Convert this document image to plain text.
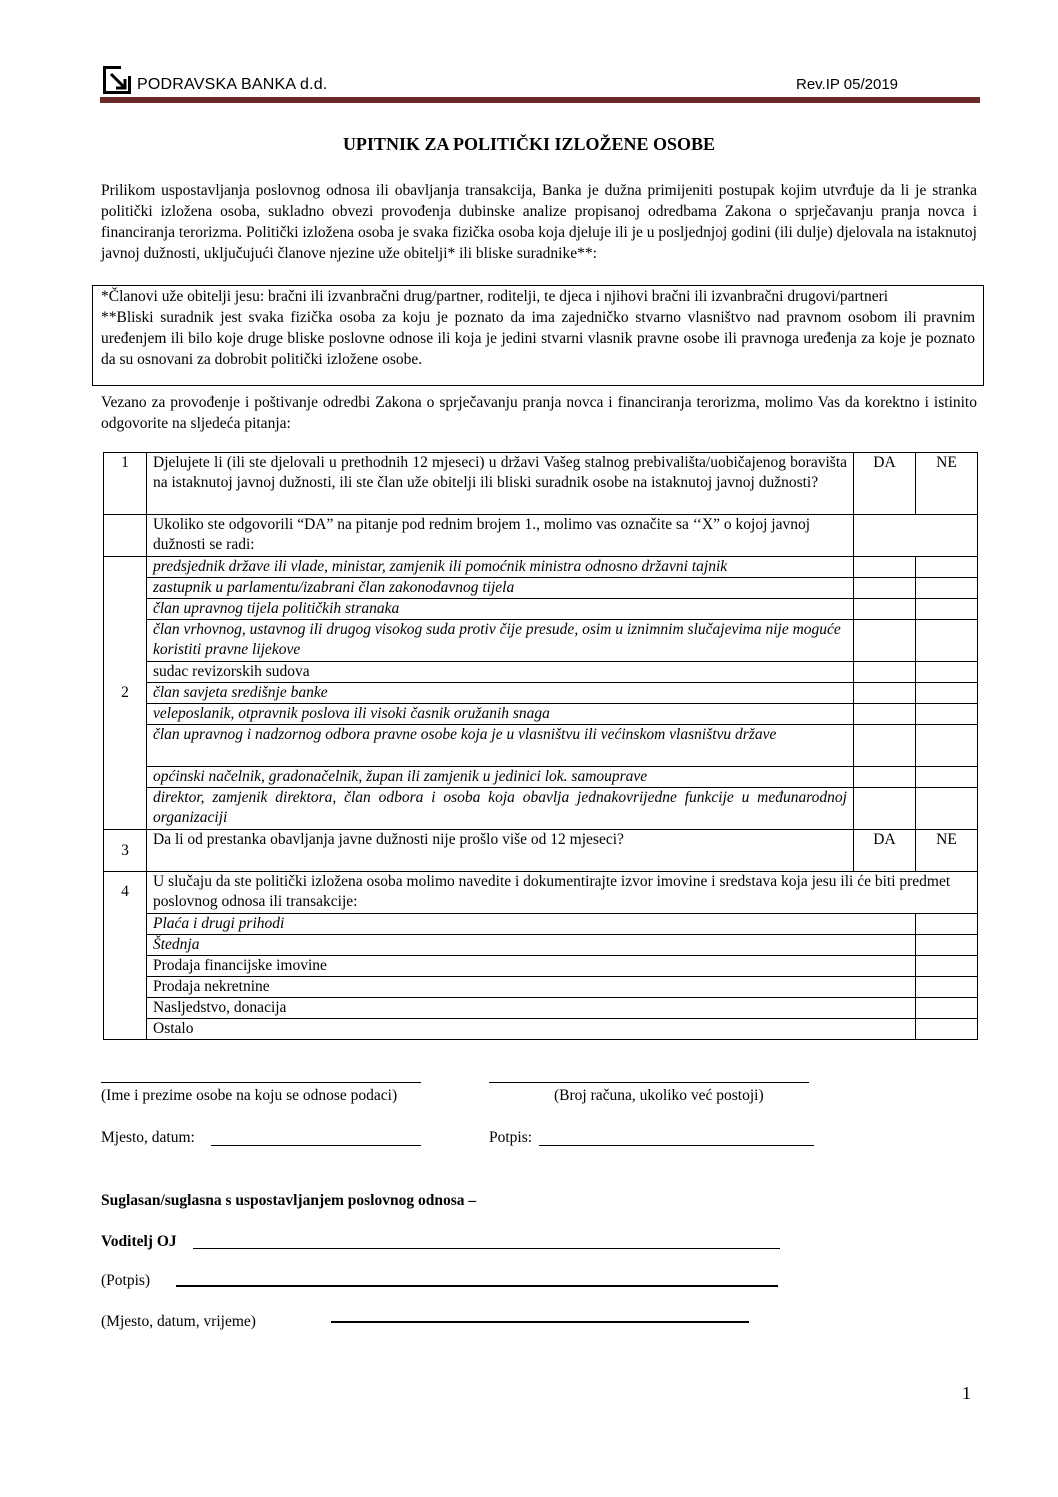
PODRAVSKA BANKA d.d.	Rev.IP 05/2019
UPITNIK ZA POLITIČKI IZLOŽENE OSOBE
Prilikom uspostavljanja poslovnog odnosa ili obavljanja transakcija, Banka je dužna primijeniti postupak kojim utvrđuje da li je stranka politički izložena osoba, sukladno obvezi provođenja dubinske analize propisanoj odredbama Zakona o sprječavanju pranja novca i financiranja terorizma. Politički izložena osoba je svaka fizička osoba koja djeluje ili je u posljednjoj godini (ili dulje) djelovala na istaknutoj javnoj dužnosti, uključujući članove njezine uže obitelji* ili bliske suradnike**:

*Članovi uže obitelji jesu: bračni ili izvanbračni drug/partner, roditelji, te djeca i njihovi bračni ili izvanbračni drugovi/partneri

**Bliski suradnik jest svaka fizička osoba za koju je poznato da ima zajedničko stvarno vlasništvo nad pravnom osobom ili pravnim uređenjem ili bilo koje druge bliske poslovne odnose ili koja je jedini stvarni vlasnik pravne osobe ili pravnoga uređenja za koje je poznato da su osnovani za dobrobit politički izložene osobe.

Vezano za provođenje i poštivanje odredbi Zakona o sprječavanju pranja novca i financiranja terorizma, molimo Vas da korektno i istinito odgovorite na sljedeća pitanja:
1	Djelujete li (ili ste djelovali u prethodnih 12 mjeseci) u državi Vašeg stalnog prebivališta/uobičajenog boravišta na istaknutoj javnoj dužnosti, ili ste član uže obitelji ili bliski suradnik osobe na istaknutoj javnoj dužnosti?	DA	NE
	Ukoliko ste odgovorili “DA” na pitanje pod rednim brojem 1., molimo vas označite sa ‘‘X” o kojoj javnoj dužnosti se radi:		
2	predsjednik države ili vlade, ministar, zamjenik ili pomoćnik ministra odnosno državni tajnik		
	zastupnik u parlamentu/izabrani član zakonodavnog tijela		
	član upravnog tijela političkih stranaka		
	član vrhovnog, ustavnog ili drugog visokog suda protiv čije presude, osim u iznimnim slučajevima nije moguće koristiti pravne lijekove		
	sudac revizorskih sudova		
	član savjeta središnje banke		
	veleposlanik, otpravnik poslova ili visoki časnik oružanih snaga		
	član upravnog i nadzornog odbora pravne osobe koja je u vlasništvu ili većinskom vlasništvu države		
	općinski načelnik, gradonačelnik, župan ili zamjenik u jedinici lok. samouprave		
	direktor, zamjenik direktora, član odbora i osoba koja obavlja jednakovrijedne funkcije u međunarodnoj organizaciji		
3	Da li od prestanka obavljanja javne dužnosti nije prošlo više od 12 mjeseci?	DA	NE
4	U slučaju da ste politički izložena osoba molimo navedite i dokumentirajte izvor imovine i sredstava koja jesu ili će biti predmet poslovnog odnosa ili transakcije:		
	Plaća i drugi prihodi		
	Štednja		
	Prodaja financijske imovine		
	Prodaja nekretnine		
	Nasljedstvo, donacija		
	Ostalo		
(Ime i prezime osobe na koju se odnose podaci)	(Broj računa, ukoliko već postoji)
Mjesto, datum:	Potpis:
Suglasan/suglasna s uspostavljanjem poslovnog odnosa –
Voditelj OJ
(Potpis)
(Mjesto, datum, vrijeme)
1
